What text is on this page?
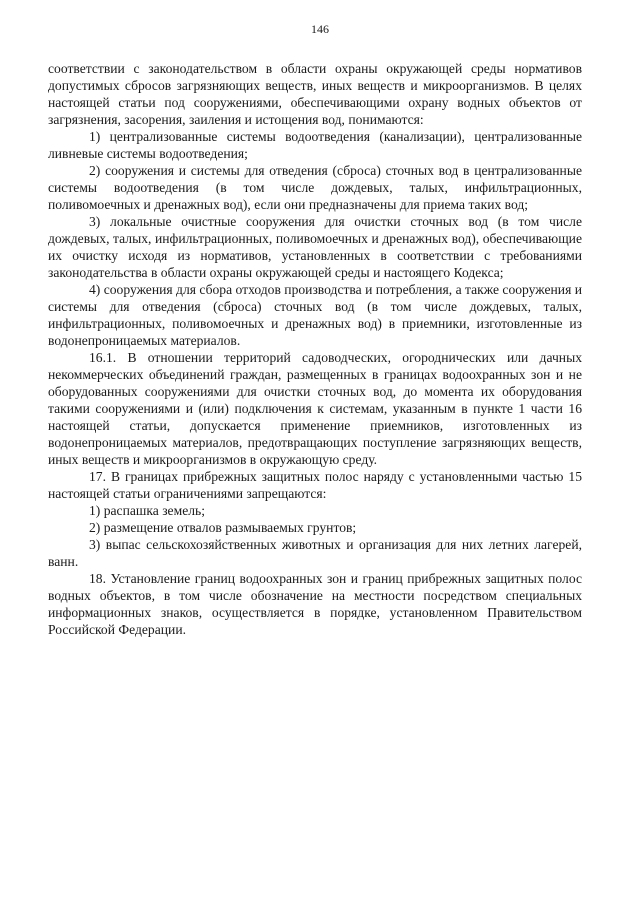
146

соответствии с законодательством в области охраны окружающей среды нормативов допустимых сбросов загрязняющих веществ, иных веществ и микроорганизмов. В целях настоящей статьи под сооружениями, обеспечивающими охрану водных объектов от загрязнения, засорения, заиления и истощения вод, понимаются:

1) централизованные системы водоотведения (канализации), централизованные ливневые системы водоотведения;

2) сооружения и системы для отведения (сброса) сточных вод в централизованные системы водоотведения (в том числе дождевых, талых, инфильтрационных, поливомоечных и дренажных вод), если они предназначены для приема таких вод;

3) локальные очистные сооружения для очистки сточных вод (в том числе дождевых, талых, инфильтрационных, поливомоечных и дренажных вод), обеспечивающие их очистку исходя из нормативов, установленных в соответствии с требованиями законодательства в области охраны окружающей среды и настоящего Кодекса;

4) сооружения для сбора отходов производства и потребления, а также сооружения и системы для отведения (сброса) сточных вод (в том числе дождевых, талых, инфильтрационных, поливомоечных и дренажных вод) в приемники, изготовленные из водонепроницаемых материалов.

16.1. В отношении территорий садоводческих, огороднических или дачных некоммерческих объединений граждан, размещенных в границах водоохранных зон и не оборудованных сооружениями для очистки сточных вод, до момента их оборудования такими сооружениями и (или) подключения к системам, указанным в пункте 1 части 16 настоящей статьи, допускается применение приемников, изготовленных из водонепроницаемых материалов, предотвращающих поступление загрязняющих веществ, иных веществ и микроорганизмов в окружающую среду.

17. В границах прибрежных защитных полос наряду с установленными частью 15 настоящей статьи ограничениями запрещаются:

1) распашка земель;

2) размещение отвалов размываемых грунтов;

3) выпас сельскохозяйственных животных и организация для них летних лагерей, ванн.

18. Установление границ водоохранных зон и границ прибрежных защитных полос водных объектов, в том числе обозначение на местности посредством специальных информационных знаков, осуществляется в порядке, установленном Правительством Российской Федерации.
